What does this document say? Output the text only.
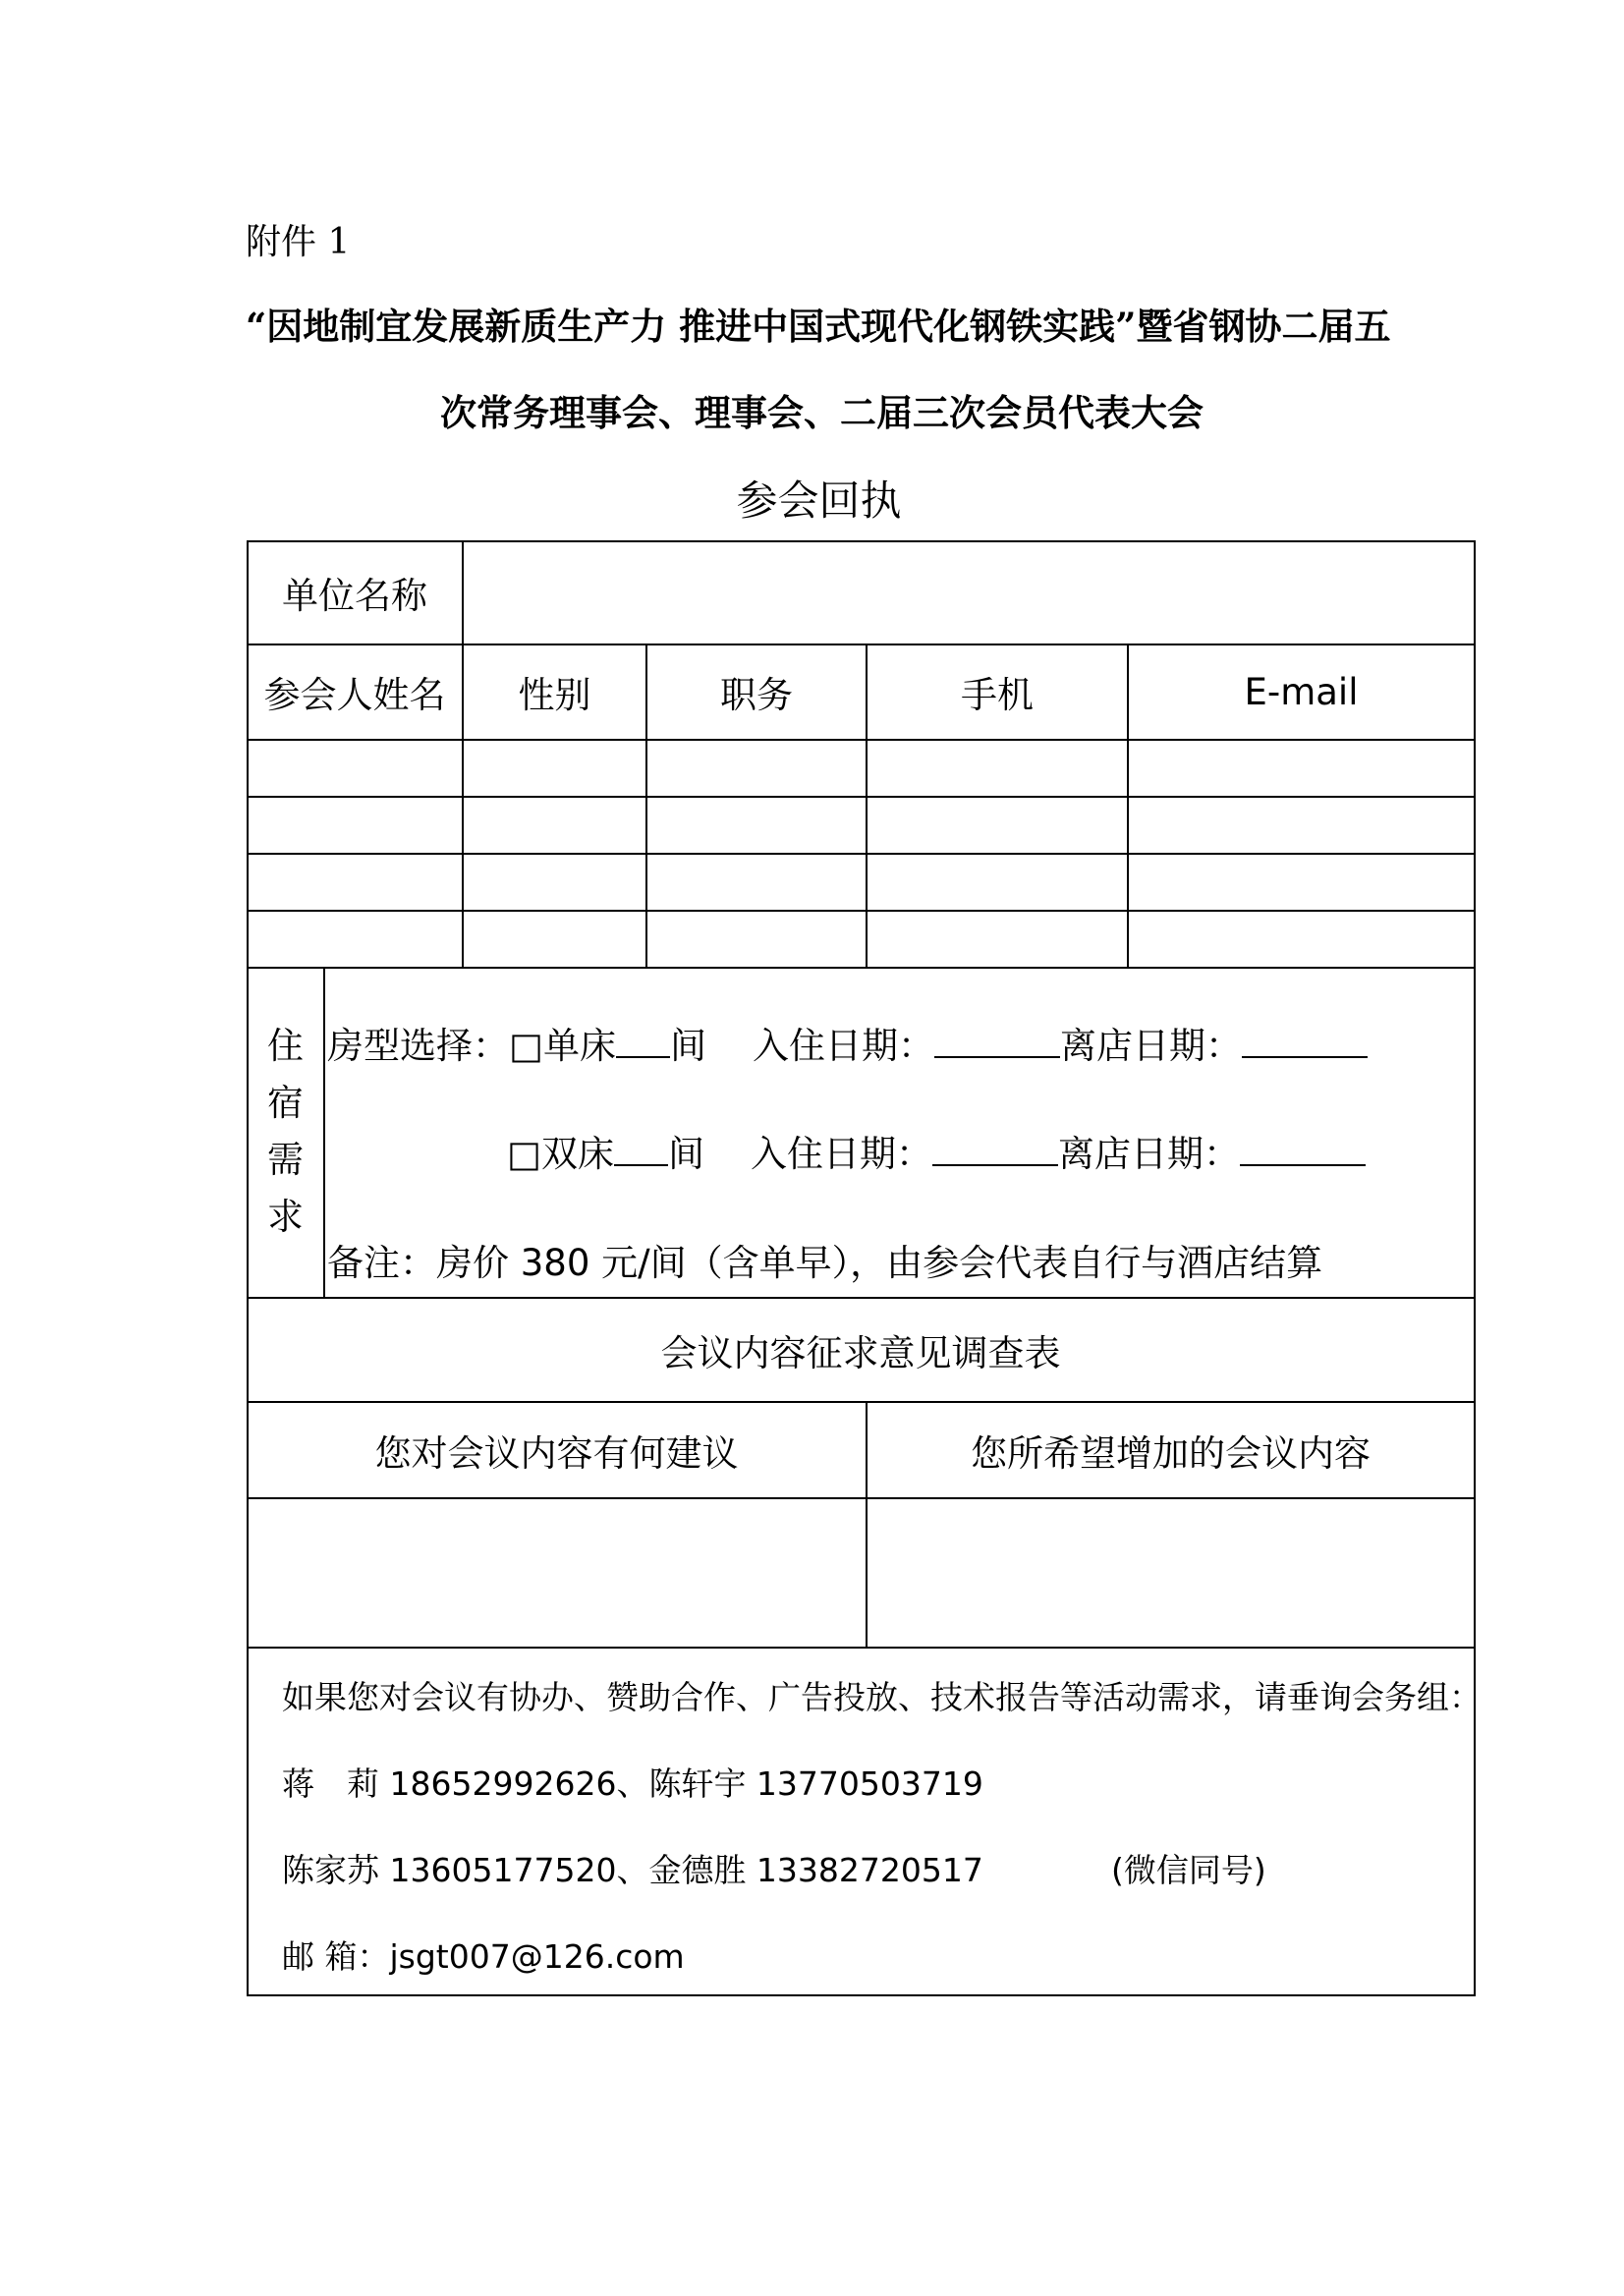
附件 1
“因地制宜发展新质生产力 推进中国式现代化钢铁实践”暨省钢协二届五
次常务理事会、理事会、二届三次会员代表大会
参会回执
单位名称
参会人姓名	性别	职务	手机	E-mail
住
宿
需
求
房型选择：□单床 间 入住日期：	离店日期：
□双床 间 入住日期：	离店日期：
备注：房价 380 元/间（含单早），由参会代表自行与酒店结算
会议内容征求意见调查表
您对会议内容有何建议	您所希望增加的会议内容
如果您对会议有协办、赞助合作、广告投放、技术报告等活动需求，请垂询会务组：
蒋　莉 18652992626、陈轩宇 13770503719
陈家苏 13605177520、金德胜 13382720517	(微信同号)
邮 箱：jsgt007@126.com
